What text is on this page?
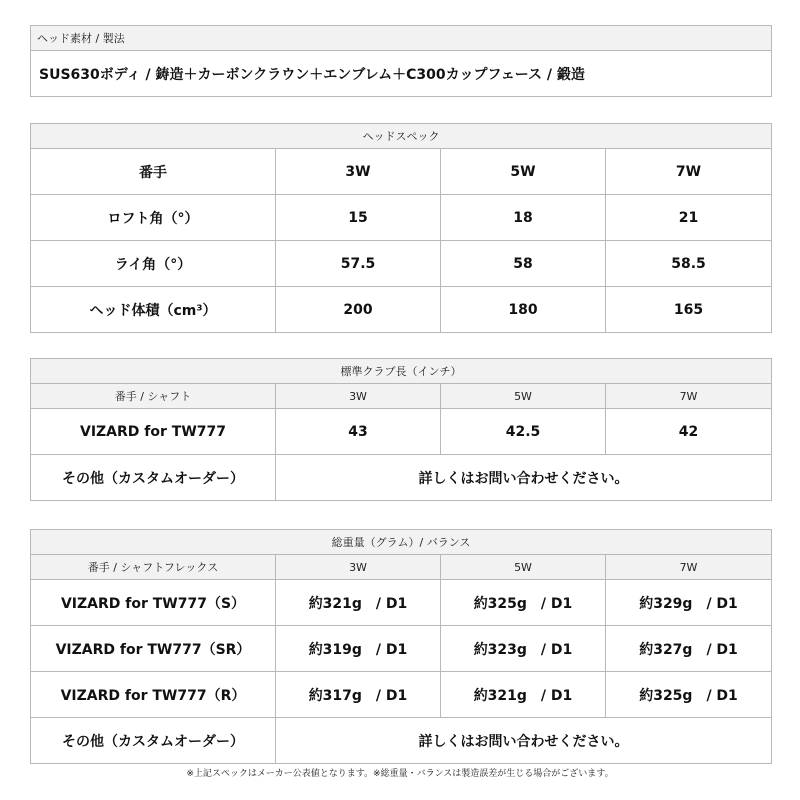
ヘッド素材 / 製法
SUS630ボディ / 鋳造＋カーボンクラウン＋エンブレム＋C300カップフェース / 鍛造
ヘッドスペック			
番手	3W	5W	7W
ロフト角（°）	15	18	21
ライ角（°）	57.5	58	58.5
ヘッド体積（cm³）	200	180	165
標準クラブ長（インチ）			
番手 / シャフト	3W	5W	7W
VIZARD for TW777	43	42.5	42
その他（カスタムオーダー）	詳しくはお問い合わせください。		
総重量（グラム）/ バランス			
番手 / シャフトフレックス	3W	5W	7W
VIZARD for TW777（S）	約321g　/ D1	約325g　/ D1	約329g　/ D1
VIZARD for TW777（SR）	約319g　/ D1	約323g　/ D1	約327g　/ D1
VIZARD for TW777（R）	約317g　/ D1	約321g　/ D1	約325g　/ D1
その他（カスタムオーダー）	詳しくはお問い合わせください。		
※上記スペックはメーカー公表値となります。※総重量・バランスは製造誤差が生じる場合がございます。
